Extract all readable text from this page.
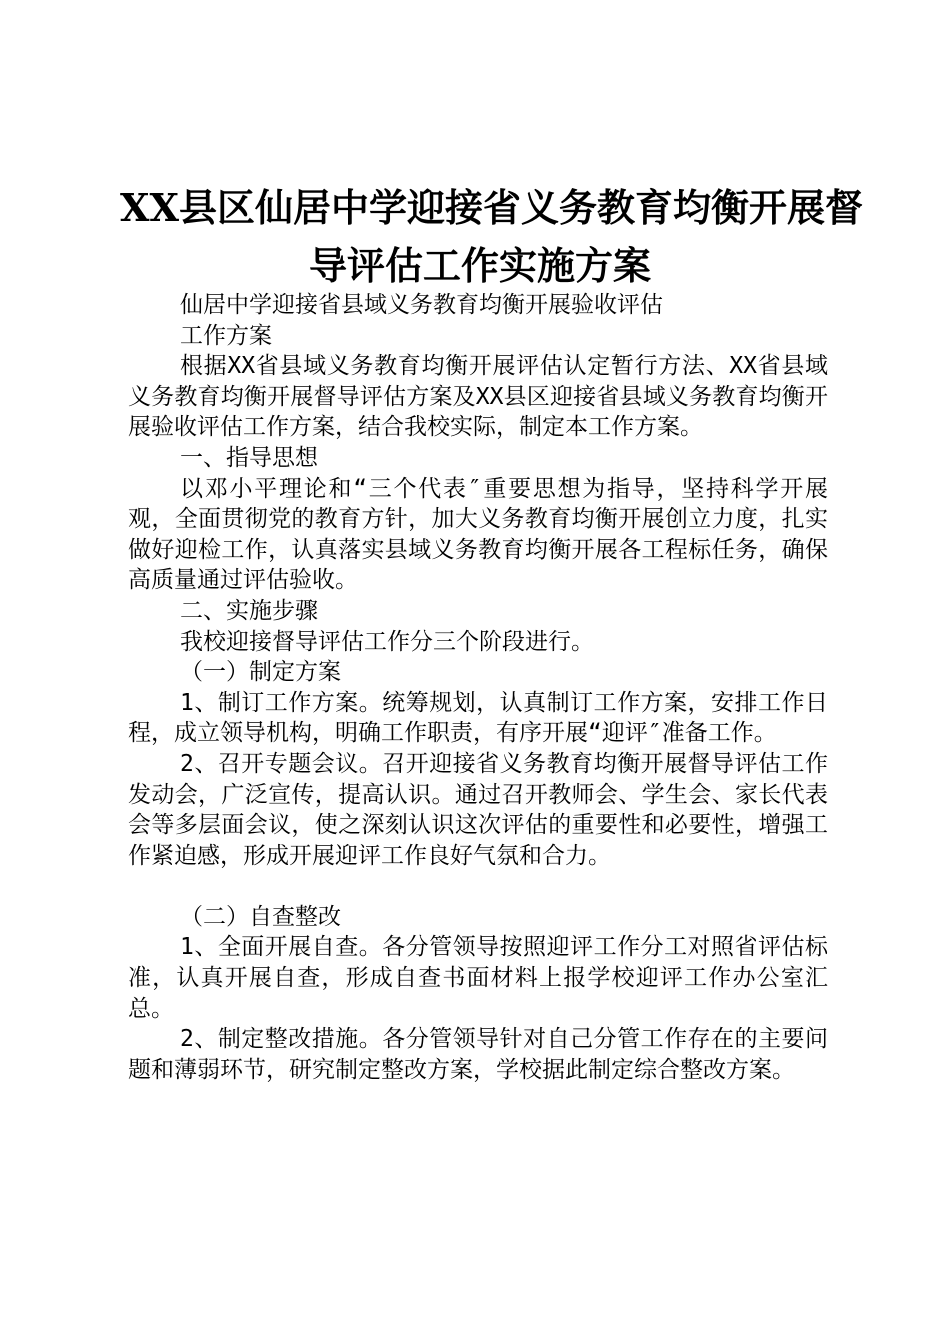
XX县区仙居中学迎接省义务教育均衡开展督
导评估工作实施方案

仙居中学迎接省县域义务教育均衡开展验收评估

工作方案

根据XX省县域义务教育均衡开展评估认定暂行方法、XX省县域义务教育均衡开展督导评估方案及XX县区迎接省县域义务教育均衡开展验收评估工作方案，结合我校实际，制定本工作方案。

一、指导思想

以邓小平理论和“三个代表″重要思想为指导，坚持科学开展观，全面贯彻党的教育方针，加大义务教育均衡开展创立力度，扎实做好迎检工作，认真落实县域义务教育均衡开展各工程标任务，确保高质量通过评估验收。

二、实施步骤

我校迎接督导评估工作分三个阶段进行。

（一）制定方案

1、制订工作方案。统筹规划，认真制订工作方案，安排工作日程，成立领导机构，明确工作职责，有序开展“迎评″准备工作。

2、召开专题会议。召开迎接省义务教育均衡开展督导评估工作发动会，广泛宣传，提高认识。通过召开教师会、学生会、家长代表会等多层面会议，使之深刻认识这次评估的重要性和必要性，增强工作紧迫感，形成开展迎评工作良好气氛和合力。

（二）自查整改

1、全面开展自查。各分管领导按照迎评工作分工对照省评估标准，认真开展自查，形成自查书面材料上报学校迎评工作办公室汇总。

2、制定整改措施。各分管领导针对自己分管工作存在的主要问题和薄弱环节，研究制定整改方案，学校据此制定综合整改方案。
